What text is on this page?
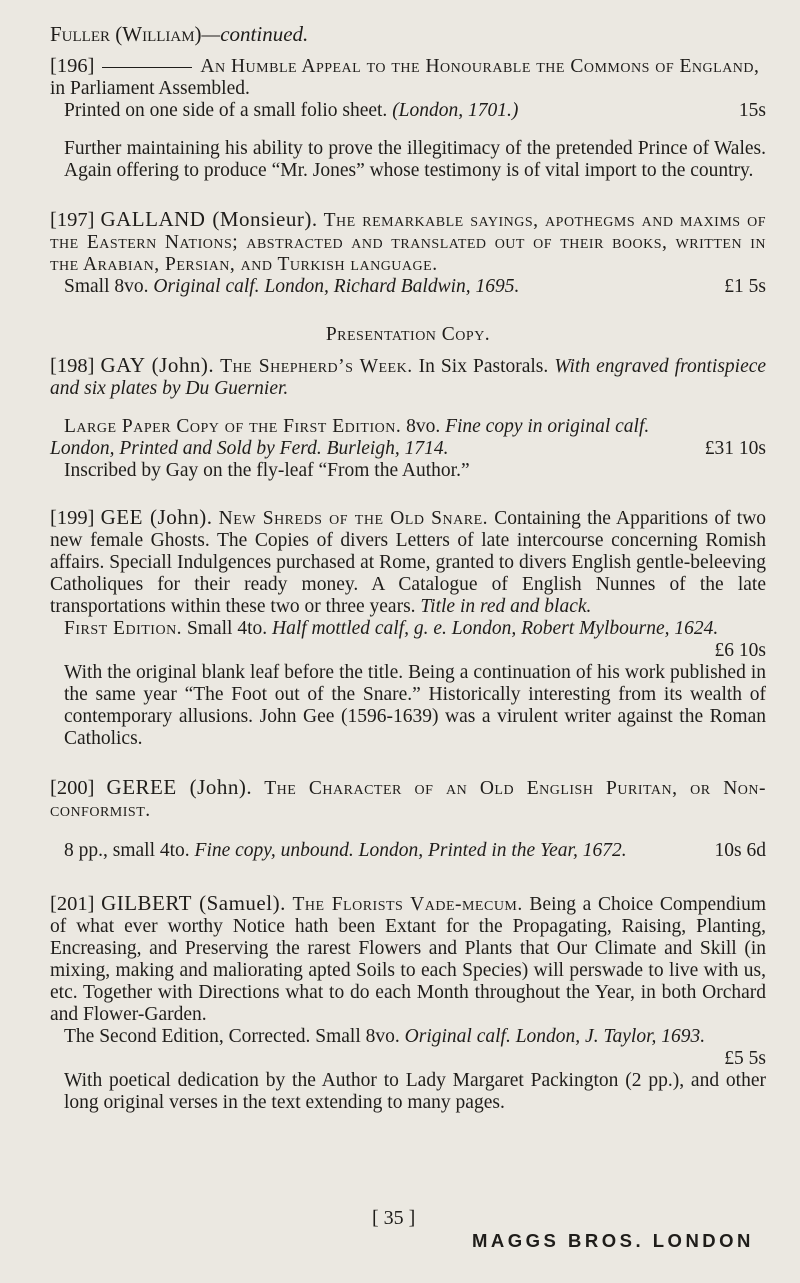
Fuller (William)—continued.

[196]	An Humble Appeal to the Honourable the Commons of England,

in Parliament Assembled.

Printed on one side of a small folio sheet. (London, 1701.)	15s

Further maintaining his ability to prove the illegitimacy of the pretended Prince of Wales. Again offering to produce “Mr. Jones” whose testimony is of vital import to the country.

[197] GALLAND (Monsieur). The remarkable sayings, apothegms and maxims of the Eastern Nations; abstracted and translated out of their books, written in the Arabian, Persian, and Turkish language.

Small 8vo. Original calf. London, Richard Baldwin, 1695.	£1 5s

Presentation Copy.

[198] GAY (John). The Shepherd’s Week. In Six Pastorals. With engraved frontispiece and six plates by Du Guernier.

Large Paper Copy of the First Edition. 8vo. Fine copy in original calf.

London, Printed and Sold by Ferd. Burleigh, 1714.	£31 10s

Inscribed by Gay on the fly-leaf “From the Author.”

[199] GEE (John). New Shreds of the Old Snare. Containing the Apparitions of two new female Ghosts. The Copies of divers Letters of late intercourse concerning Romish affairs. Speciall Indulgences purchased at Rome, granted to divers English gentle-beleeving Catholiques for their ready money. A Catalogue of English Nunnes of the late transportations within these two or three years. Title in red and black.

First Edition. Small 4to. Half mottled calf, g. e. London, Robert Mylbourne, 1624.

£6 10s

With the original blank leaf before the title. Being a continuation of his work published in the same year “The Foot out of the Snare.” Historically interesting from its wealth of contemporary allusions. John Gee (1596-1639) was a virulent writer against the Roman Catholics.

[200] GEREE (John). The Character of an Old English Puritan, or Non-conformist.

8 pp., small 4to. Fine copy, unbound. London, Printed in the Year, 1672.	10s 6d

[201] GILBERT (Samuel). The Florists Vade-mecum. Being a Choice Compendium of what ever worthy Notice hath been Extant for the Propagating, Raising, Planting, Encreasing, and Preserving the rarest Flowers and Plants that Our Climate and Skill (in mixing, making and maliorating apted Soils to each Species) will perswade to live with us, etc. Together with Directions what to do each Month throughout the Year, in both Orchard and Flower-Garden.

The Second Edition, Corrected. Small 8vo. Original calf. London, J. Taylor, 1693.

£5 5s

With poetical dedication by the Author to Lady Margaret Packington (2 pp.), and other long original verses in the text extending to many pages.

[ 35 ]
MAGGS BROS. LONDON
